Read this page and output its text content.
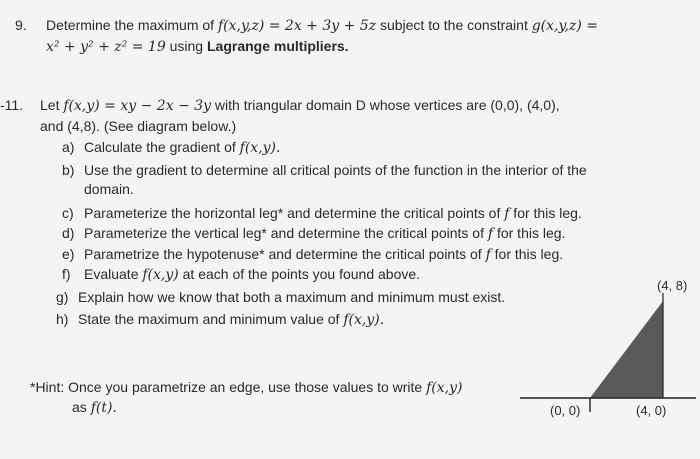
9. Determine the maximum of f(x,y,z) = 2x + 3y + 5z subject to the constraint g(x,y,z) =
x² + y² + z² = 19 using Lagrange multipliers.
-11. Let f(x,y) = xy − 2x − 3y with triangular domain D whose vertices are (0,0), (4,0),
and (4,8). (See diagram below.)
a) Calculate the gradient of f(x,y).
b) Use the gradient to determine all critical points of the function in the interior of the
domain.
c) Parameterize the horizontal leg* and determine the critical points of f for this leg.
d) Parameterize the vertical leg* and determine the critical points of f for this leg.
e) Parametrize the hypotenuse* and determine the critical points of f for this leg.
f) Evaluate f(x,y) at each of the points you found above.
g) Explain how we know that both a maximum and minimum must exist.
h) State the maximum and minimum value of f(x,y).
*Hint: Once you parametrize an edge, use those values to write f(x,y)
as f(t).
(4, 8)
(0, 0)	(4, 0)
